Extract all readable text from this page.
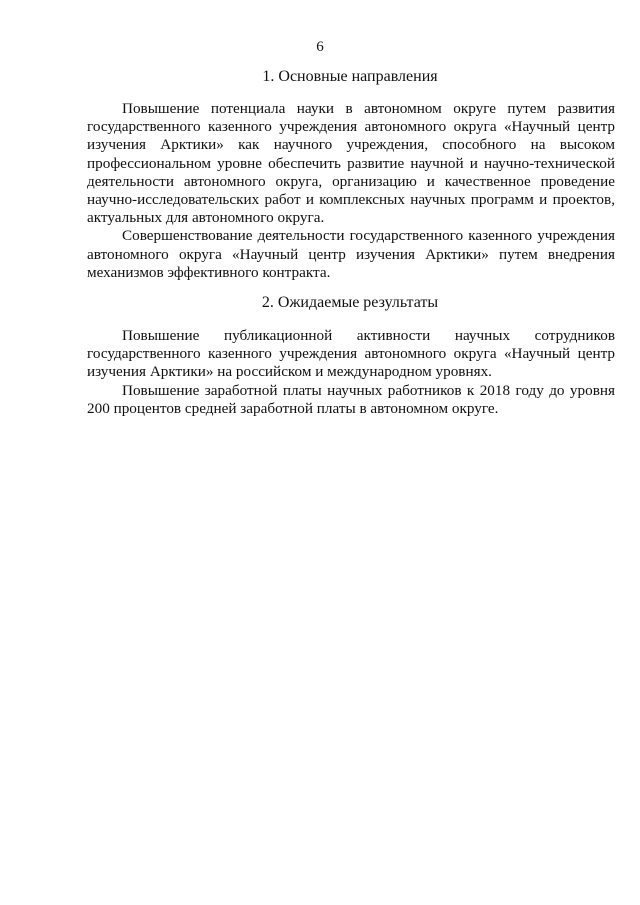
6
1. Основные направления

Повышение потенциала науки в автономном округе путем развития государственного казенного учреждения автономного округа «Научный центр изучения Арктики» как научного учреждения, способного на высоком профессиональном уровне обеспечить развитие научной и научно-технической деятельности автономного округа, организацию и качественное проведение научно-исследовательских работ и комплексных научных программ и проектов, актуальных для автономного округа.

Совершенствование деятельности государственного казенного учреждения автономного округа «Научный центр изучения Арктики» путем внедрения механизмов эффективного контракта.

2. Ожидаемые результаты

Повышение публикационной активности научных сотрудников государственного казенного учреждения автономного округа «Научный центр изучения Арктики» на российском и международном уровнях.

Повышение заработной платы научных работников к 2018 году до уровня 200 процентов средней заработной платы в автономном округе.
